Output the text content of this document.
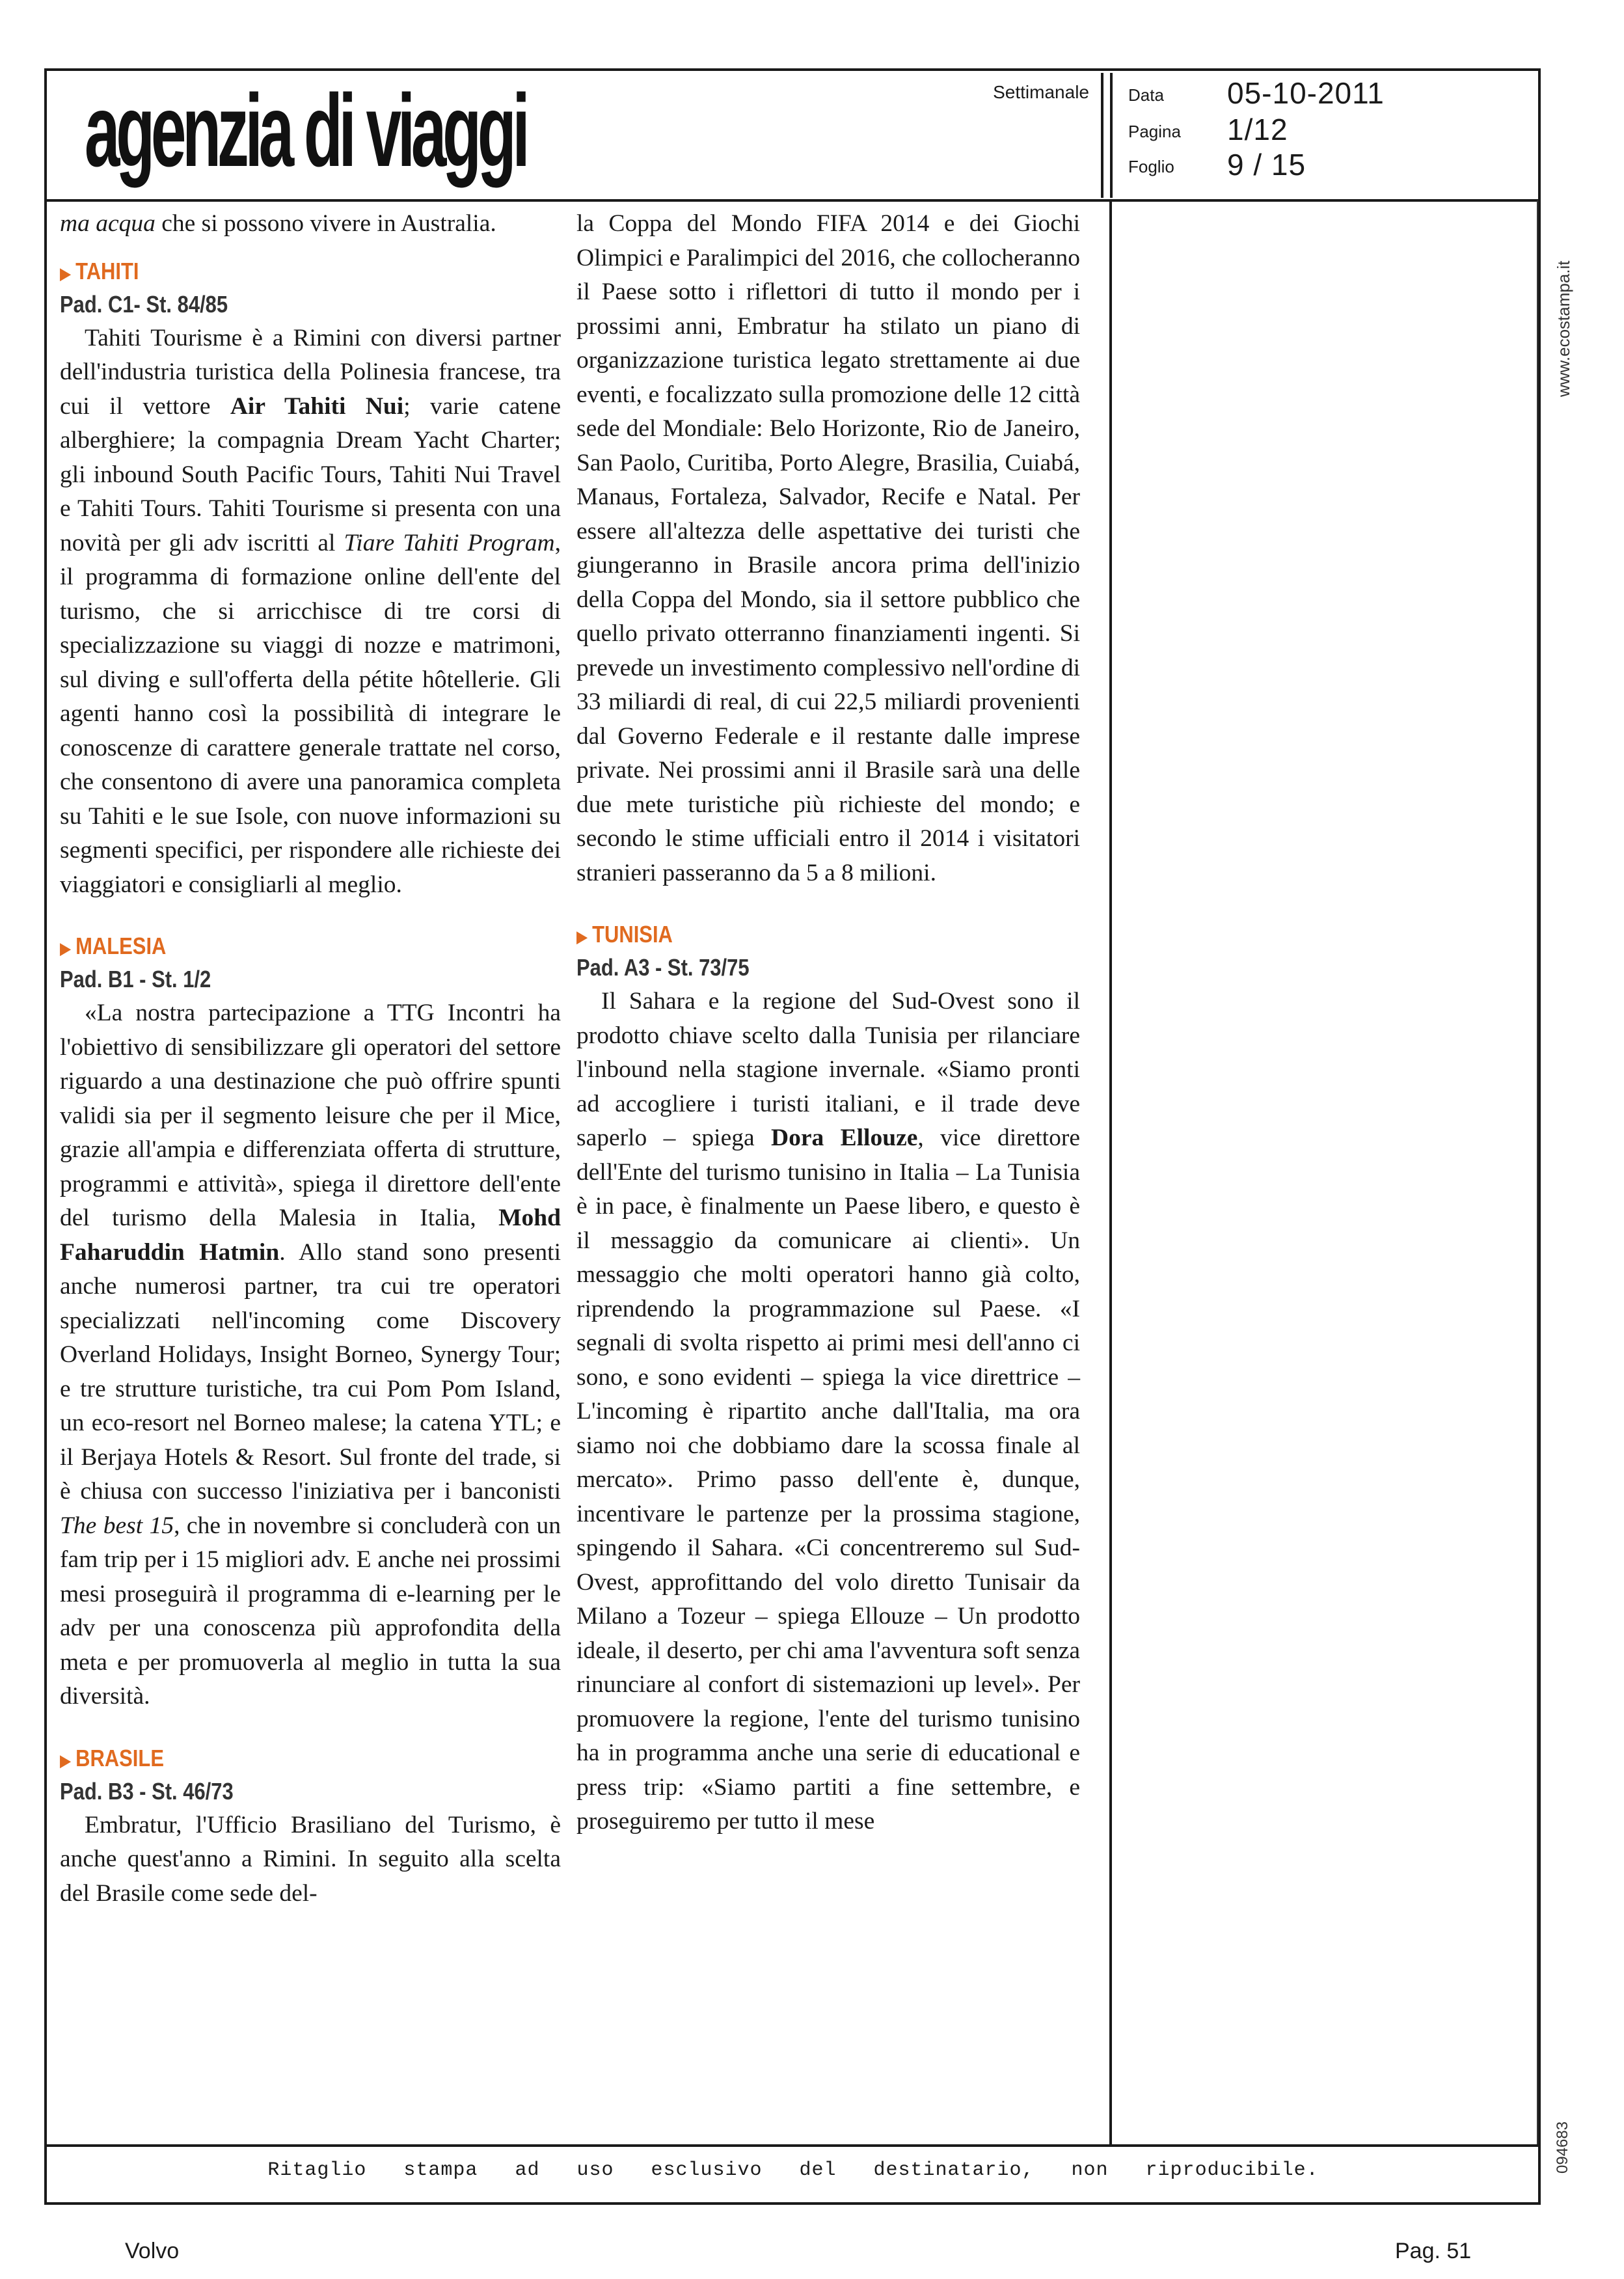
agenzia di viaggi	Settimanale Data 05-10-2011
Pagina 1/12
Foglio 9 / 15
www.ecostampa.it
094683

ma acqua che si possono vivere in Australia.

▶ TAHITI
Pad. C1- St. 84/85

Tahiti Tourisme è a Rimini con diversi partner dell'industria turistica della Polinesia francese, tra cui il vettore Air Tahiti Nui; varie catene alberghiere; la compagnia Dream Yacht Charter; gli inbound South Pacific Tours, Tahiti Nui Travel e Tahiti Tours. Tahiti Tourisme si presenta con una novità per gli adv iscritti al Tiare Tahiti Program, il programma di formazione online dell'ente del turismo, che si arricchisce di tre corsi di specializzazione su viaggi di nozze e matrimoni, sul diving e sull'offerta della pétite hôtellerie. Gli agenti hanno così la possibilità di integrare le conoscenze di carattere generale trattate nel corso, che consentono di avere una panoramica completa su Tahiti e le sue Isole, con nuove informazioni su segmenti specifici, per rispondere alle richieste dei viaggiatori e consigliarli al meglio.

▶ MALESIA
Pad. B1 - St. 1/2

«La nostra partecipazione a TTG Incontri ha l'obiettivo di sensibilizzare gli operatori del settore riguardo a una destinazione che può offrire spunti validi sia per il segmento leisure che per il Mice, grazie all'ampia e differenziata offerta di strutture, programmi e attività», spiega il direttore dell'ente del turismo della Malesia in Italia, Mohd Faharuddin Hatmin. Allo stand sono presenti anche numerosi partner, tra cui tre operatori specializzati nell'incoming come Discovery Overland Holidays, Insight Borneo, Synergy Tour; e tre strutture turistiche, tra cui Pom Pom Island, un eco-resort nel Borneo malese; la catena YTL; e il Berjaya Hotels & Resort. Sul fronte del trade, si è chiusa con successo l'iniziativa per i banconisti The best 15, che in novembre si concluderà con un fam trip per i 15 migliori adv. E anche nei prossimi mesi proseguirà il programma di e-learning per le adv per una conoscenza più approfondita della meta e per promuoverla al meglio in tutta la sua diversità.

▶ BRASILE
Pad. B3 - St. 46/73

Embratur, l'Ufficio Brasiliano del Turismo, è anche quest'anno a Rimini. In seguito alla scelta del Brasile come sede del-

la Coppa del Mondo FIFA 2014 e dei Giochi Olimpici e Paralimpici del 2016, che collocheranno il Paese sotto i riflettori di tutto il mondo per i prossimi anni, Embratur ha stilato un piano di organizzazione turistica legato strettamente ai due eventi, e focalizzato sulla promozione delle 12 città sede del Mondiale: Belo Horizonte, Rio de Janeiro, San Paolo, Curitiba, Porto Alegre, Brasilia, Cuiabá, Manaus, Fortaleza, Salvador, Recife e Natal. Per essere all'altezza delle aspettative dei turisti che giungeranno in Brasile ancora prima dell'inizio della Coppa del Mondo, sia il settore pubblico che quello privato otterranno finanziamenti ingenti. Si prevede un investimento complessivo nell'ordine di 33 miliardi di real, di cui 22,5 miliardi provenienti dal Governo Federale e il restante dalle imprese private. Nei prossimi anni il Brasile sarà una delle due mete turistiche più richieste del mondo; e secondo le stime ufficiali entro il 2014 i visitatori stranieri passeranno da 5 a 8 milioni.

▶ TUNISIA
Pad. A3 - St. 73/75

Il Sahara e la regione del Sud-Ovest sono il prodotto chiave scelto dalla Tunisia per rilanciare l'inbound nella stagione invernale. «Siamo pronti ad accogliere i turisti italiani, e il trade deve saperlo – spiega Dora Ellouze, vice direttore dell'Ente del turismo tunisino in Italia – La Tunisia è in pace, è finalmente un Paese libero, e questo è il messaggio da comunicare ai clienti». Un messaggio che molti operatori hanno già colto, riprendendo la programmazione sul Paese. «I segnali di svolta rispetto ai primi mesi dell'anno ci sono, e sono evidenti – spiega la vice direttrice – L'incoming è ripartito anche dall'Italia, ma ora siamo noi che dobbiamo dare la scossa finale al mercato». Primo passo dell'ente è, dunque, incentivare le partenze per la prossima stagione, spingendo il Sahara. «Ci concentreremo sul Sud-Ovest, approfittando del volo diretto Tunisair da Milano a Tozeur – spiega Ellouze – Un prodotto ideale, il deserto, per chi ama l'avventura soft senza rinunciare al confort di sistemazioni up level». Per promuovere la regione, l'ente del turismo tunisino ha in programma anche una serie di educational e press trip: «Siamo partiti a fine settembre, e proseguiremo per tutto il mese

Ritaglio stampa ad uso esclusivo del destinatario, non riproducibile.
Volvo	Pag. 51
